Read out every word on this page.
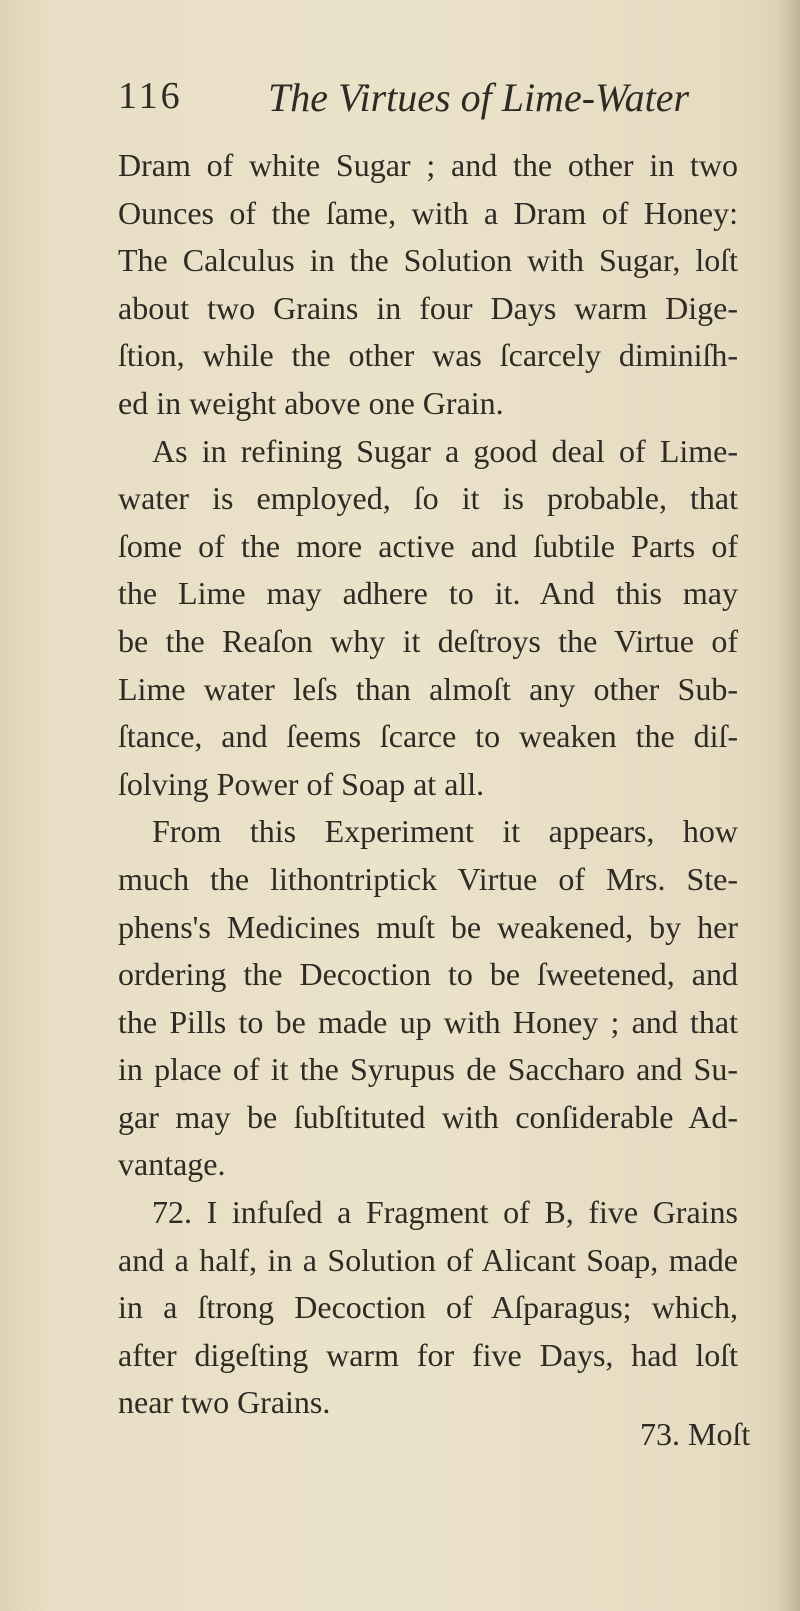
116 The Virtues of Lime-Water
Dram of white Sugar ; and the other in two
Ounces of the ſame, with a Dram of Honey:
The Calculus in the Solution with Sugar, loſt
about two Grains in four Days warm Dige-
ſtion, while the other was ſcarcely diminiſh-
ed in weight above one Grain.
As in refining Sugar a good deal of Lime-
water is employed, ſo it is probable, that
ſome of the more active and ſubtile Parts of
the Lime may adhere to it. And this may
be the Reaſon why it deſtroys the Virtue of
Lime water leſs than almoſt any other Sub-
ſtance, and ſeems ſcarce to weaken the diſ-
ſolving Power of Soap at all.
From this Experiment it appears, how
much the lithontriptick Virtue of Mrs. Ste-
phens's Medicines muſt be weakened, by her
ordering the Decoction to be ſweetened, and
the Pills to be made up with Honey ; and that
in place of it the Syrupus de Saccharo and Su-
gar may be ſubſtituted with conſiderable Ad-
vantage.
72. I infuſed a Fragment of B, five Grains
and a half, in a Solution of Alicant Soap, made
in a ſtrong Decoction of Aſparagus; which,
after digeſting warm for five Days, had loſt
near two Grains.
73. Moſt
